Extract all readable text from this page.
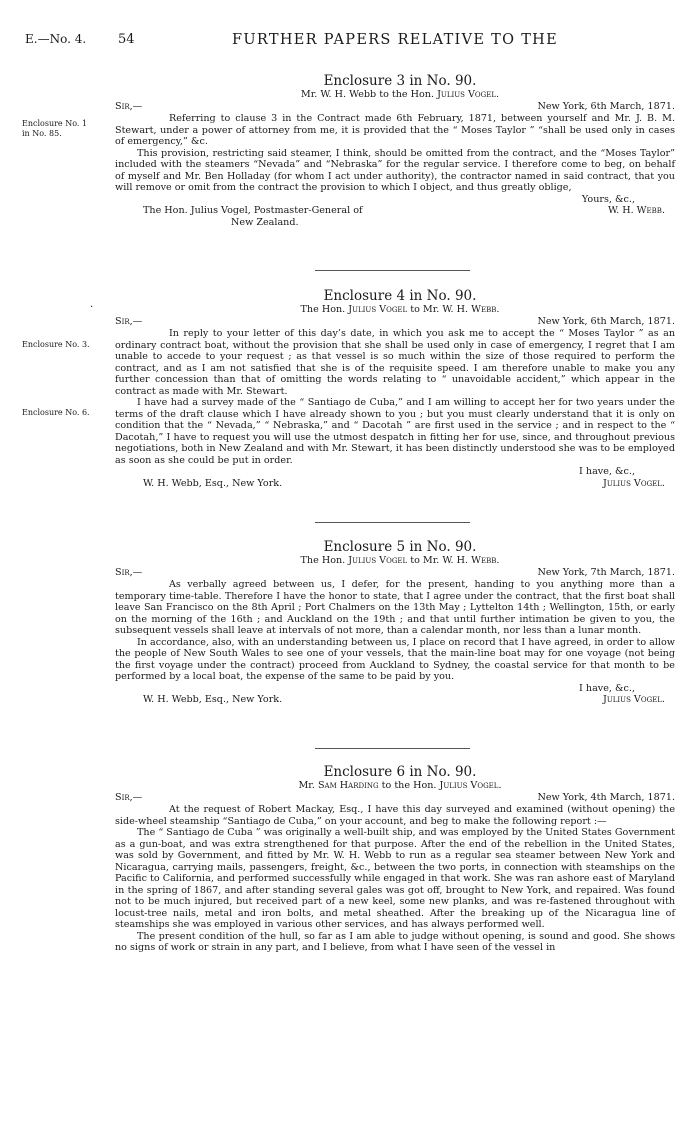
E.—No. 4. 54	FURTHER PAPERS RELATIVE TO THE
Enclosure No. 1
in No. 85.
·
Enclosure No. 3.
Enclosure No. 6.
Enclosure 3 in No. 90.
Mr. W. H. Webb to the Hon. Julius Vogel.
Sir,—	New York, 6th March, 1871.

Referring to clause 3 in the Contract made 6th February, 1871, between yourself and Mr. J. B. M. Stewart, under a power of attorney from me, it is provided that the “ Moses Taylor ” “shall be used only in cases of emergency,” &c.

This provision, restricting said steamer, I think, should be omitted from the contract, and the “Moses Taylor” included with the steamers “Nevada” and “Nebraska” for the regular service. I therefore come to beg, on behalf of myself and Mr. Ben Holladay (for whom I act under authority), the contractor named in said contract, that you will remove or omit from the contract the provision to which I object, and thus greatly oblige,

Yours, &c.,
The Hon. Julius Vogel, Postmaster-General of	W. H. Webb.
New Zealand.
Enclosure 4 in No. 90.
The Hon. Julius Vogel to Mr. W. H. Webb.
Sir,—	New York, 6th March, 1871.

In reply to your letter of this day’s date, in which you ask me to accept the “ Moses Taylor ” as an ordinary contract boat, without the provision that she shall be used only in case of emergency, I regret that I am unable to accede to your request ; as that vessel is so much within the size of those required to perform the contract, and as I am not satisfied that she is of the requisite speed. I am therefore unable to make you any further concession than that of omitting the words relating to “ unavoidable accident,” which appear in the contract as made with Mr. Stewart.

I have had a survey made of the “ Santiago de Cuba,” and I am willing to accept her for two years under the terms of the draft clause which I have already shown to you ; but you must clearly understand that it is only on condition that the “ Nevada,” “ Nebraska,” and “ Dacotah ” are first used in the service ; and in respect to the “ Dacotah,” I have to request you will use the utmost despatch in fitting her for use, since, and throughout previous negotiations, both in New Zealand and with Mr. Stewart, it has been distinctly understood she was to be employed as soon as she could be put in order.

I have, &c.,
W. H. Webb, Esq., New York.	Julius Vogel.
Enclosure 5 in No. 90.
The Hon. Julius Vogel to Mr. W. H. Webb.
Sir,—	New York, 7th March, 1871.

As verbally agreed between us, I defer, for the present, handing to you anything more than a temporary time-table. Therefore I have the honor to state, that I agree under the contract, that the first boat shall leave San Francisco on the 8th April ; Port Chalmers on the 13th May ; Lyttelton 14th ; Wellington, 15th, or early on the morning of the 16th ; and Auckland on the 19th ; and that until further intimation be given to you, the subsequent vessels shall leave at intervals of not more, than a calendar month, nor less than a lunar month.

In accordance, also, with an understanding between us, I place on record that I have agreed, in order to allow the people of New South Wales to see one of your vessels, that the main-line boat may for one voyage (not being the first voyage under the contract) proceed from Auckland to Sydney, the coastal service for that month to be performed by a local boat, the expense of the same to be paid by you.

I have, &c.,
W. H. Webb, Esq., New York.	Julius Vogel.
Enclosure 6 in No. 90.
Mr. Sam Harding to the Hon. Julius Vogel.
Sir,—	New York, 4th March, 1871.

At the request of Robert Mackay, Esq., I have this day surveyed and examined (without opening) the side-wheel steamship “Santiago de Cuba,” on your account, and beg to make the following report :—

The “ Santiago de Cuba ” was originally a well-built ship, and was employed by the United States Government as a gun-boat, and was extra strengthened for that purpose. After the end of the rebellion in the United States, was sold by Government, and fitted by Mr. W. H. Webb to run as a regular sea steamer between New York and Nicaragua, carrying mails, passengers, freight, &c., between the two ports, in connection with steamships on the Pacific to California, and performed successfully while engaged in that work. She was ran ashore east of Maryland in the spring of 1867, and after standing several gales was got off, brought to New York, and repaired. Was found not to be much injured, but received part of a new keel, some new planks, and was re-fastened throughout with locust-tree nails, metal and iron bolts, and metal sheathed. After the breaking up of the Nicaragua line of steamships she was employed in various other services, and has always performed well.

The present condition of the hull, so far as I am able to judge without opening, is sound and good. She shows no signs of work or strain in any part, and I believe, from what I have seen of the vessel in
